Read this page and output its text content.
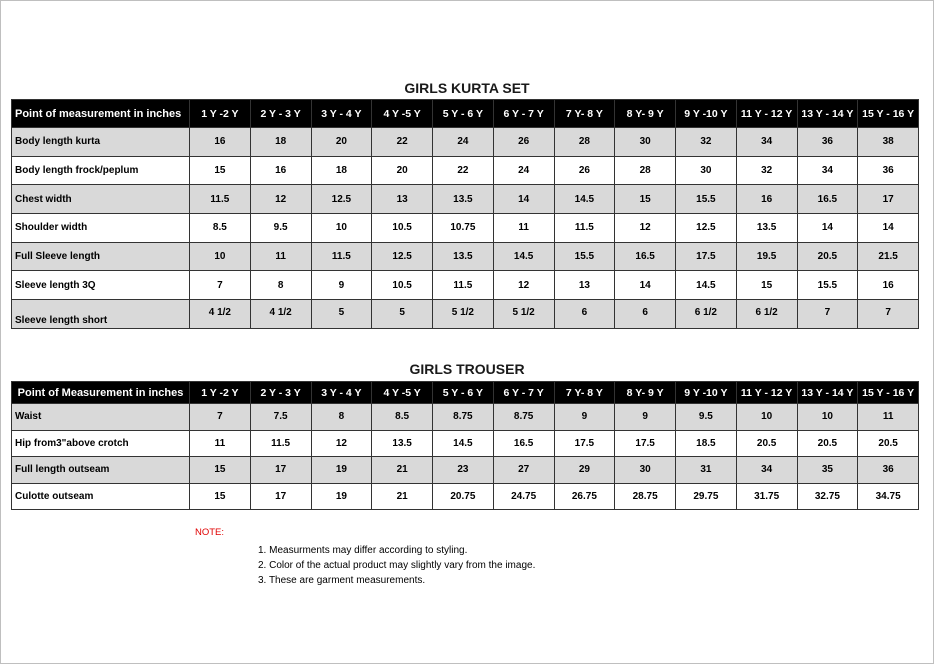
GIRLS KURTA SET
Point of measurement in inches	1 Y -2 Y	2 Y - 3 Y	3 Y - 4 Y	4 Y -5 Y	5 Y - 6 Y	6 Y - 7 Y	7 Y- 8 Y	8 Y- 9 Y	9 Y -10 Y	11 Y - 12 Y	13 Y - 14 Y	15 Y - 16 Y
Body length kurta	16	18	20	22	24	26	28	30	32	34	36	38
Body length frock/peplum	15	16	18	20	22	24	26	28	30	32	34	36
Chest width	11.5	12	12.5	13	13.5	14	14.5	15	15.5	16	16.5	17
Shoulder width	8.5	9.5	10	10.5	10.75	11	11.5	12	12.5	13.5	14	14
Full Sleeve length	10	11	11.5	12.5	13.5	14.5	15.5	16.5	17.5	19.5	20.5	21.5
Sleeve length 3Q	7	8	9	10.5	11.5	12	13	14	14.5	15	15.5	16
Sleeve length short	4 1/2	4 1/2	5	5	5 1/2	5 1/2	6	6	6 1/2	6 1/2	7	7
GIRLS TROUSER
Point of Measurement in inches	1 Y -2 Y	2 Y - 3 Y	3 Y - 4 Y	4 Y -5 Y	5 Y - 6 Y	6 Y - 7 Y	7 Y- 8 Y	8 Y- 9 Y	9 Y -10 Y	11 Y - 12 Y	13 Y - 14 Y	15 Y - 16 Y
Waist	7	7.5	8	8.5	8.75	8.75	9	9	9.5	10	10	11
Hip from3"above crotch	11	11.5	12	13.5	14.5	16.5	17.5	17.5	18.5	20.5	20.5	20.5
Full length outseam	15	17	19	21	23	27	29	30	31	34	35	36
Culotte outseam	15	17	19	21	20.75	24.75	26.75	28.75	29.75	31.75	32.75	34.75
NOTE:
1. Measurments may differ according to styling.
2. Color of the actual product may slightly vary from the image.
3. These are garment measurements.
